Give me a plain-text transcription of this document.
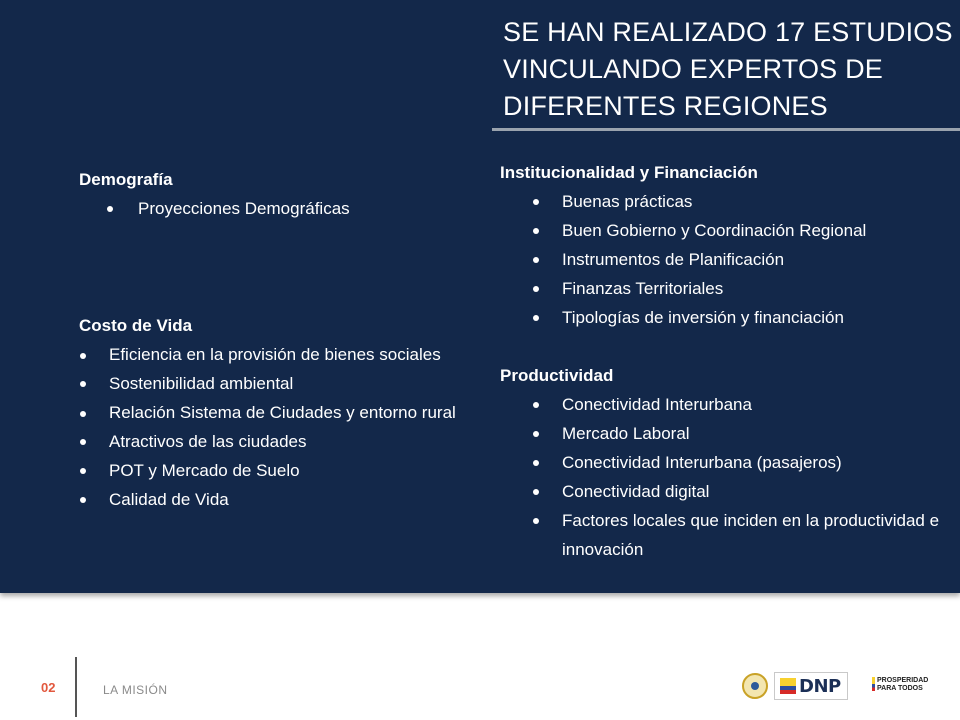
SE HAN REALIZADO 17 ESTUDIOS VINCULANDO EXPERTOS DE DIFERENTES REGIONES
Demografía
Proyecciones Demográficas
Costo de Vida
Eficiencia en la provisión de bienes sociales
Sostenibilidad ambiental
Relación Sistema de Ciudades y entorno rural
Atractivos de las ciudades
POT y Mercado de Suelo
Calidad de Vida
Institucionalidad y Financiación
Buenas prácticas
Buen Gobierno y Coordinación Regional
Instrumentos de Planificación
Finanzas Territoriales
Tipologías de inversión y financiación
Productividad
Conectividad Interurbana
Mercado Laboral
Conectividad Interurbana (pasajeros)
Conectividad digital
Factores locales que inciden en la productividad e innovación
02	LA MISIÓN	DNP	PROSPERIDAD
PARA TODOS
